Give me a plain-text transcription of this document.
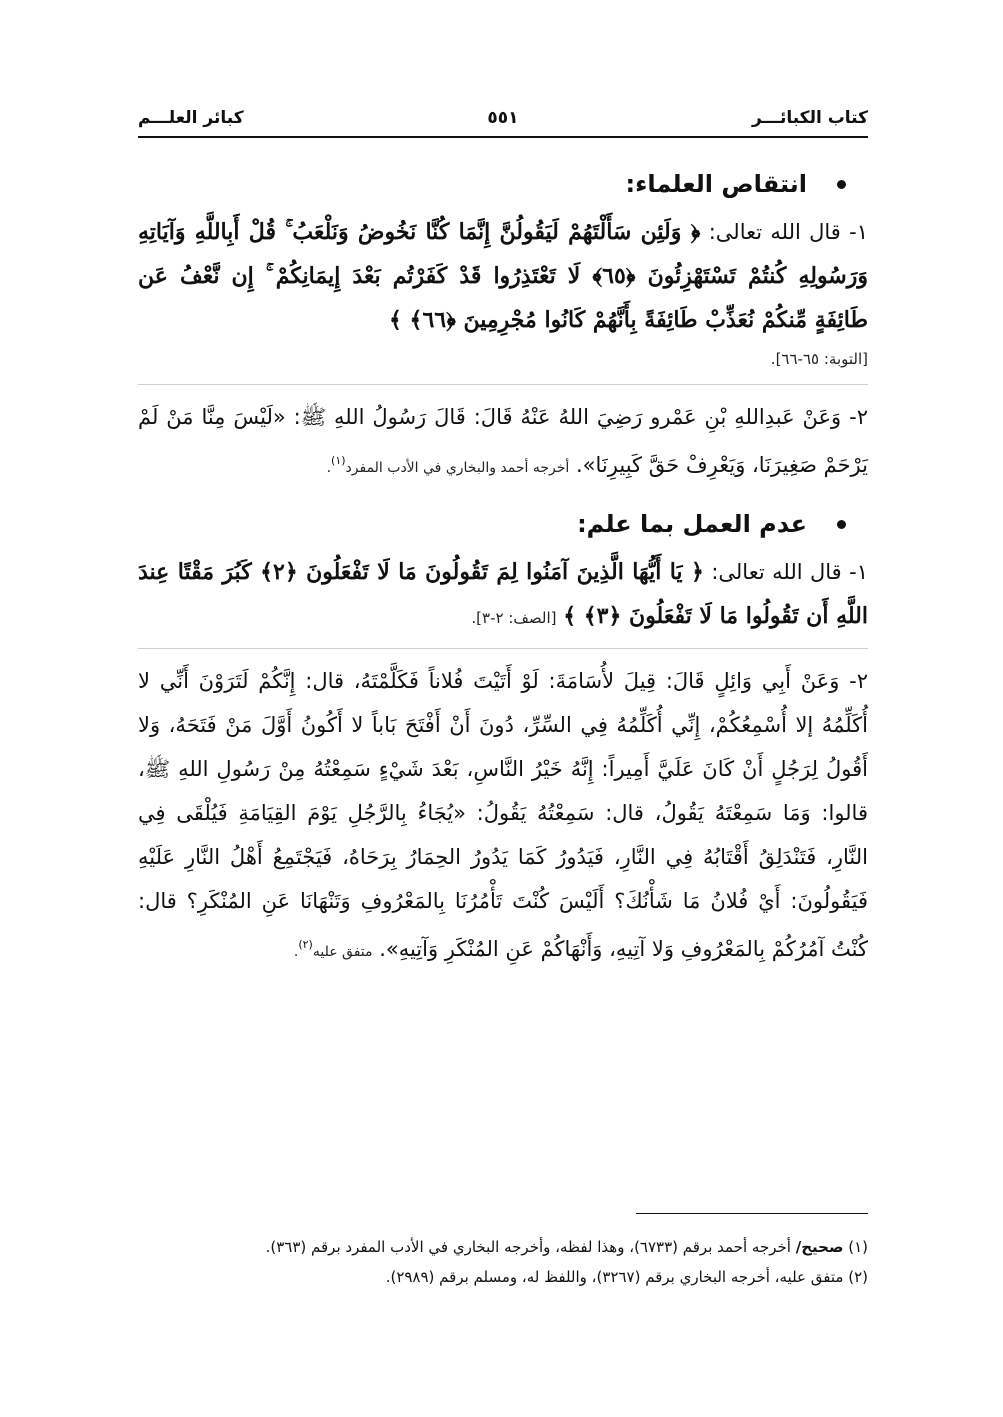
كتاب الكبائـــر
٥٥١
كبائر العلـــم
انتقاص العلماء:

١- قال الله تعالى: ﴿ وَلَئِن سَأَلْتَهُمْ لَيَقُولُنَّ إِنَّمَا كُنَّا نَخُوضُ وَنَلْعَبُ ۚ قُلْ أَبِاللَّهِ وَآيَاتِهِ وَرَسُولِهِ كُنتُمْ تَسْتَهْزِئُونَ ﴿٦٥﴾ لَا تَعْتَذِرُوا قَدْ كَفَرْتُم بَعْدَ إِيمَانِكُمْ ۚ إِن نَّعْفُ عَن طَائِفَةٍ مِّنكُمْ نُعَذِّبْ طَائِفَةً بِأَنَّهُمْ كَانُوا مُجْرِمِينَ ﴿٦٦﴾ ﴾

[التوبة: ٦٥-٦٦].

٢- وَعَنْ عَبدِاللهِ بْنِ عَمْرو رَضِيَ اللهُ عَنْهُ قَالَ: قَالَ رَسُولُ اللهِ ﷺ: «لَيْسَ مِنَّا مَنْ لَمْ يَرْحَمْ صَغِيرَنَا، وَيَعْرِفْ حَقَّ كَبِيرِنَا». أخرجه أحمد والبخاري في الأدب المفرد$^{(١)}$.

عدم العمل بما علم:

١- قال الله تعالى: ﴿ يَا أَيُّهَا الَّذِينَ آمَنُوا لِمَ تَقُولُونَ مَا لَا تَفْعَلُونَ ﴿٢﴾ كَبُرَ مَقْتًا عِندَ اللَّهِ أَن تَقُولُوا مَا لَا تَفْعَلُونَ ﴿٣﴾ ﴾ [الصف: ٢-٣].

٢- وَعَنْ أَبِي وَائِلٍ قَالَ: قِيلَ لأُسَامَةَ: لَوْ أَتَيْتَ فُلاناً فَكَلَّمْتَهُ، قال: إِنَّكُمْ لَتَرَوْنَ أَنِّي لا أُكَلِّمُهُ إلا أُسْمِعُكُمْ، إِنِّي أُكَلِّمُهُ فِي السِّرِّ، دُونَ أَنْ أَفْتَحَ بَاباً لا أَكُونُ أَوَّلَ مَنْ فَتَحَهُ، وَلا أَقُولُ لِرَجُلٍ أَنْ كَانَ عَلَيَّ أَمِيراً: إِنَّهُ خَيْرُ النَّاسِ، بَعْدَ شَيْءٍ سَمِعْتُهُ مِنْ رَسُولِ اللهِ ﷺ، قالوا: وَمَا سَمِعْتَهُ يَقُولُ، قال: سَمِعْتُهُ يَقُولُ: «يُجَاءُ بِالرَّجُلِ يَوْمَ القِيَامَةِ فَيُلْقَى فِي النَّارِ، فَتَنْدَلِقُ أَقْتَابُهُ فِي النَّارِ، فَيَدُورُ كَمَا يَدُورُ الحِمَارُ بِرَحَاهُ، فَيَجْتَمِعُ أَهْلُ النَّارِ عَلَيْهِ فَيَقُولُونَ: أَيْ فُلانُ مَا شَأْنُكَ؟ أَلَيْسَ كُنْتَ تَأْمُرُنَا بِالمَعْرُوفِ وَتَنْهَانَا عَنِ المُنْكَرِ؟ قال: كُنْتُ آمُرُكُمْ بِالمَعْرُوفِ وَلا آتِيهِ، وَأَنْهَاكُمْ عَنِ المُنْكَرِ وَآتِيهِ». متفق عليه$^{(٢)}$.

(١) صحيح/ أخرجه أحمد برقم (٦٧٣٣)، وهذا لفظه، وأخرجه البخاري في الأدب المفرد برقم (٣٦٣).

(٢) متفق عليه، أخرجه البخاري برقم (٣٢٦٧)، واللفظ له، ومسلم برقم (٢٩٨٩).
